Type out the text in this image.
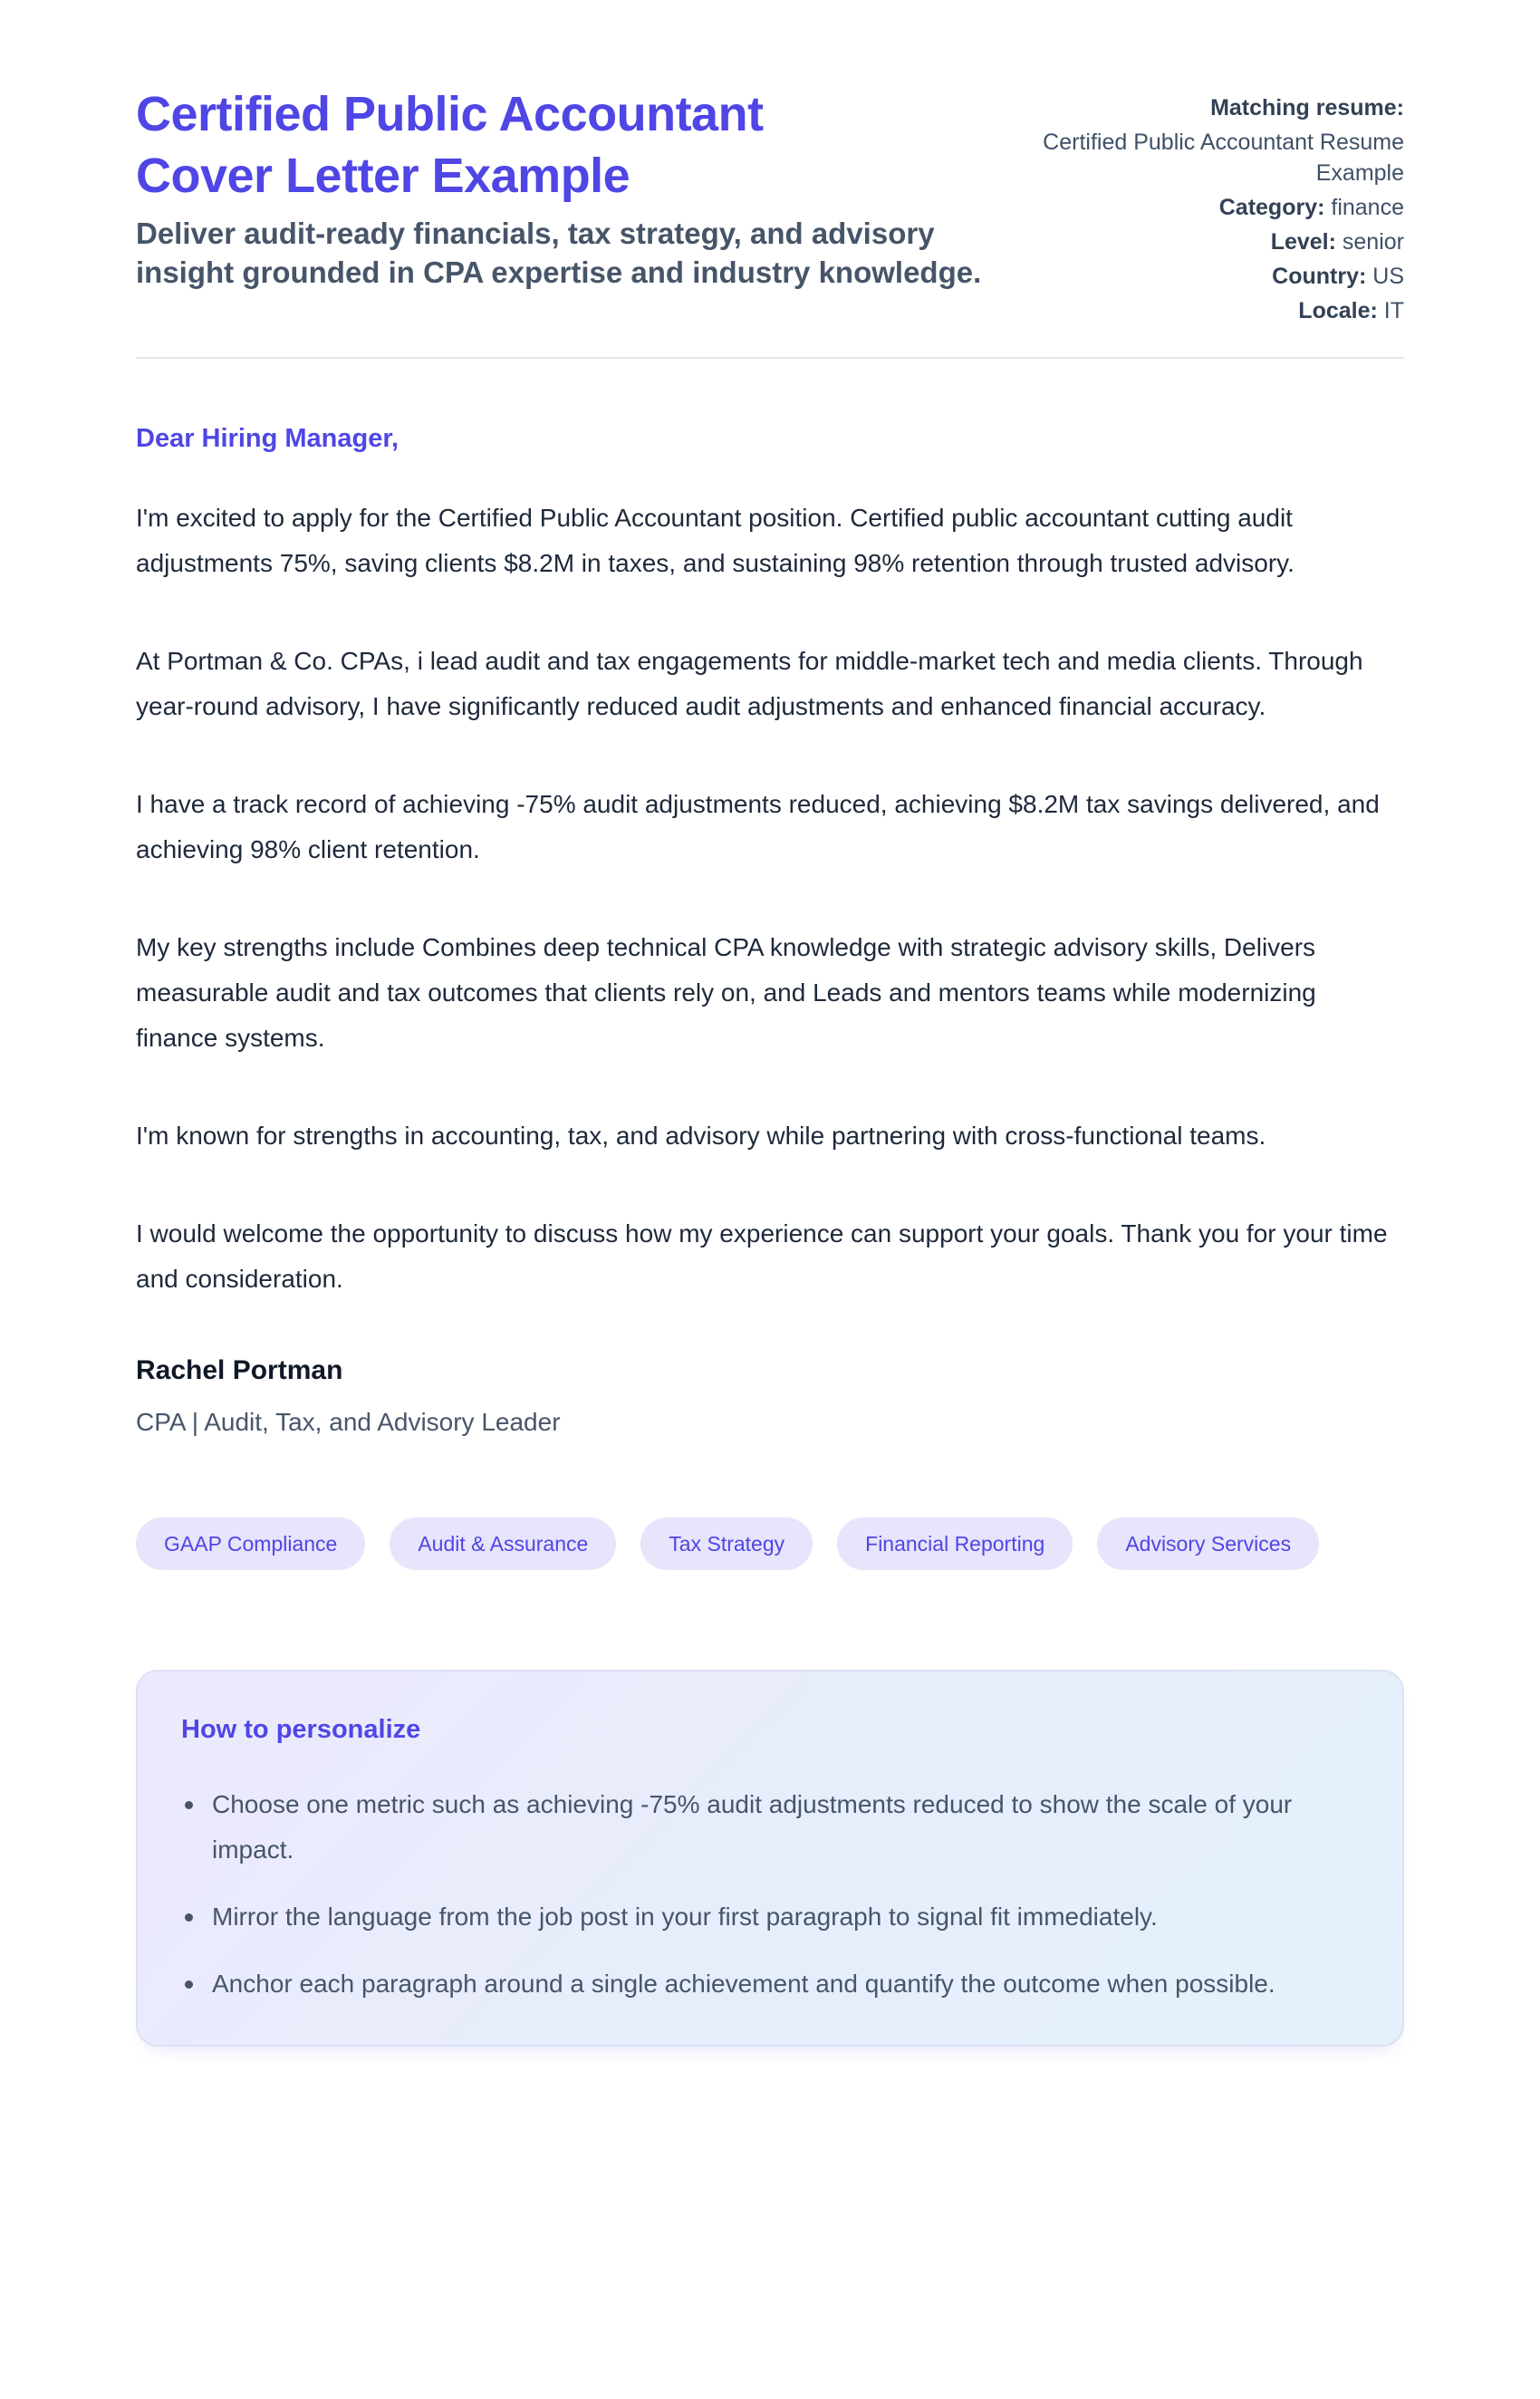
Certified Public Accountant Cover Letter Example

Deliver audit-ready financials, tax strategy, and advisory insight grounded in CPA expertise and industry knowledge.

Matching resume:
Certified Public Accountant Resume Example
Category: finance
Level: senior
Country: US
Locale: IT

Dear Hiring Manager,

I'm excited to apply for the Certified Public Accountant position. Certified public accountant cutting audit adjustments 75%, saving clients $8.2M in taxes, and sustaining 98% retention through trusted advisory.

At Portman & Co. CPAs, i lead audit and tax engagements for middle-market tech and media clients. Through year-round advisory, I have significantly reduced audit adjustments and enhanced financial accuracy.

I have a track record of achieving -75% audit adjustments reduced, achieving $8.2M tax savings delivered, and achieving 98% client retention.

My key strengths include Combines deep technical CPA knowledge with strategic advisory skills, Delivers measurable audit and tax outcomes that clients rely on, and Leads and mentors teams while modernizing finance systems.

I'm known for strengths in accounting, tax, and advisory while partnering with cross-functional teams.

I would welcome the opportunity to discuss how my experience can support your goals. Thank you for your time and consideration.

Rachel Portman

CPA | Audit, Tax, and Advisory Leader

GAAP Compliance	Audit & Assurance	Tax Strategy	Financial Reporting	Advisory Services
How to personalize
Choose one metric such as achieving -75% audit adjustments reduced to show the scale of your impact.
Mirror the language from the job post in your first paragraph to signal fit immediately.
Anchor each paragraph around a single achievement and quantify the outcome when possible.
